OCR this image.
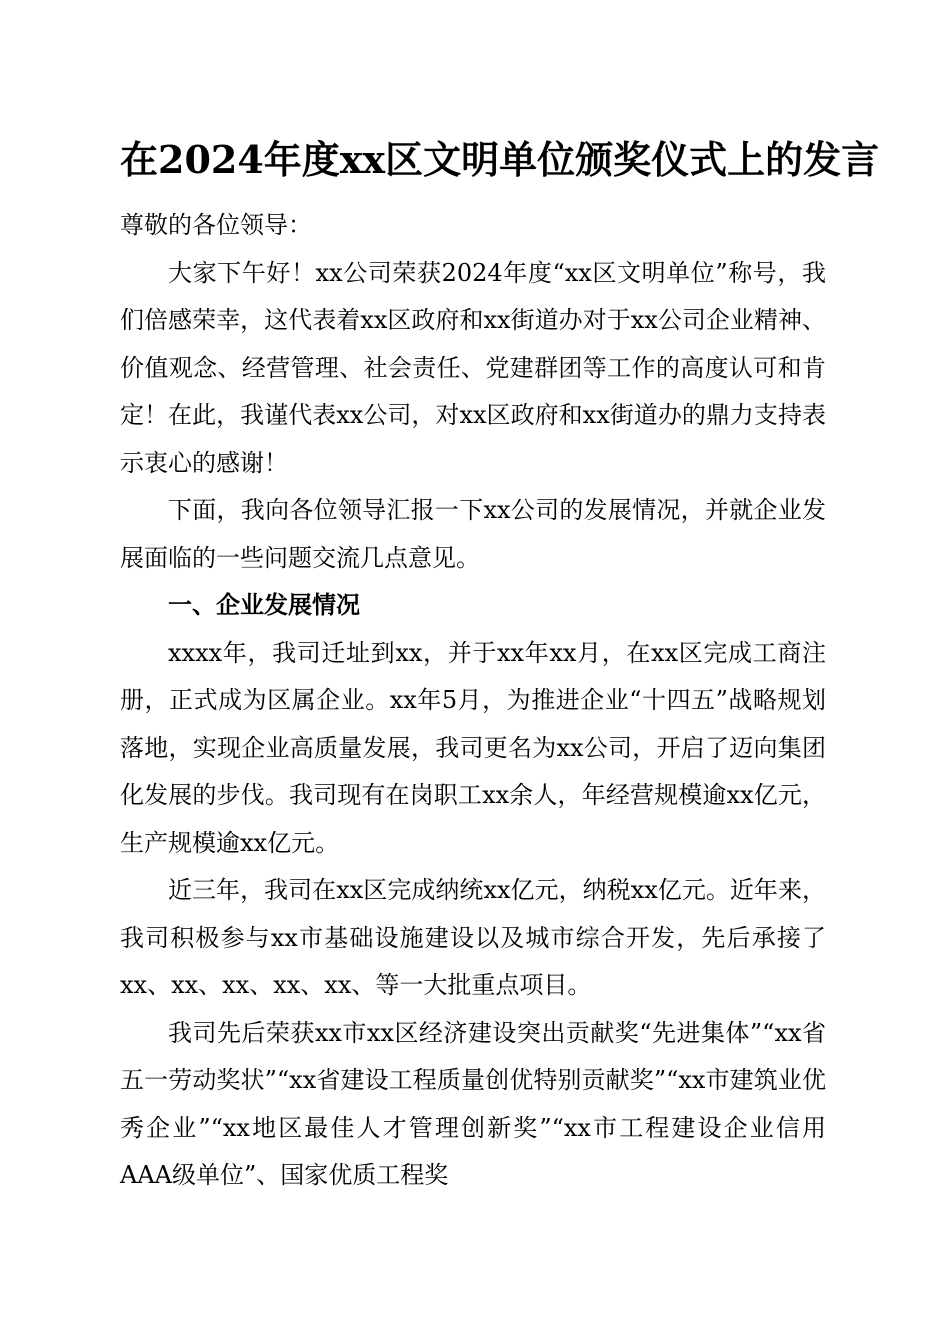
在2024年度xx区文明单位颁奖仪式上的发言

尊敬的各位领导：

大家下午好！xx公司荣获2024年度“xx区文明单位”称号，我们倍感荣幸，这代表着xx区政府和xx街道办对于xx公司企业精神、价值观念、经营管理、社会责任、党建群团等工作的高度认可和肯定！在此，我谨代表xx公司，对xx区政府和xx街道办的鼎力支持表示衷心的感谢！

下面，我向各位领导汇报一下xx公司的发展情况，并就企业发展面临的一些问题交流几点意见。

一、企业发展情况

xxxx年，我司迁址到xx，并于xx年xx月，在xx区完成工商注册，正式成为区属企业。xx年5月，为推进企业“十四五”战略规划落地，实现企业高质量发展，我司更名为xx公司，开启了迈向集团化发展的步伐。我司现有在岗职工xx余人，年经营规模逾xx亿元，生产规模逾xx亿元。

近三年，我司在xx区完成纳统xx亿元，纳税xx亿元。近年来，我司积极参与xx市基础设施建设以及城市综合开发，先后承接了xx、xx、xx、xx、xx、等一大批重点项目。

我司先后荣获xx市xx区经济建设突出贡献奖“先进集体”“xx省五一劳动奖状”“xx省建设工程质量创优特别贡献奖”“xx市建筑业优秀企业”“xx地区最佳人才管理创新奖”“xx市工程建设企业信用AAA级单位”、国家优质工程奖
